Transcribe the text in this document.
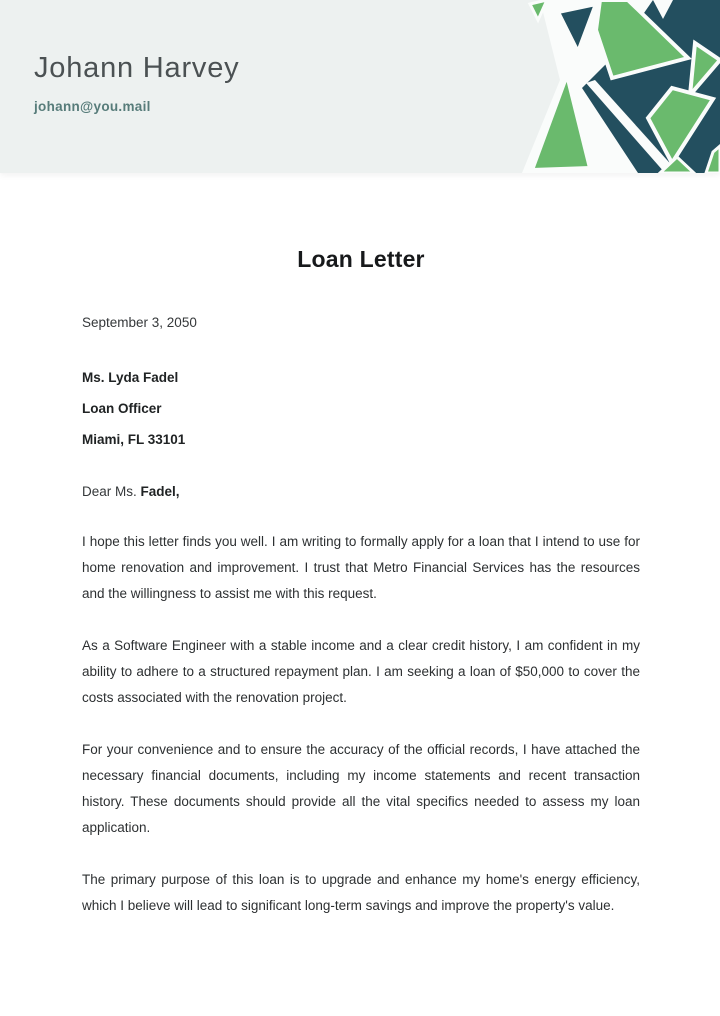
Johann Harvey
johann@you.mail
Loan Letter

September 3, 2050

Ms. Lyda Fadel

Loan Officer

Miami, FL 33101

Dear Ms. Fadel,

I hope this letter finds you well. I am writing to formally apply for a loan that I intend to use for home renovation and improvement. I trust that Metro Financial Services has the resources and the willingness to assist me with this request.

As a Software Engineer with a stable income and a clear credit history, I am confident in my ability to adhere to a structured repayment plan. I am seeking a loan of $50,000 to cover the costs associated with the renovation project.

For your convenience and to ensure the accuracy of the official records, I have attached the necessary financial documents, including my income statements and recent transaction history. These documents should provide all the vital specifics needed to assess my loan application.

The primary purpose of this loan is to upgrade and enhance my home's energy efficiency, which I believe will lead to significant long-term savings and improve the property's value.
